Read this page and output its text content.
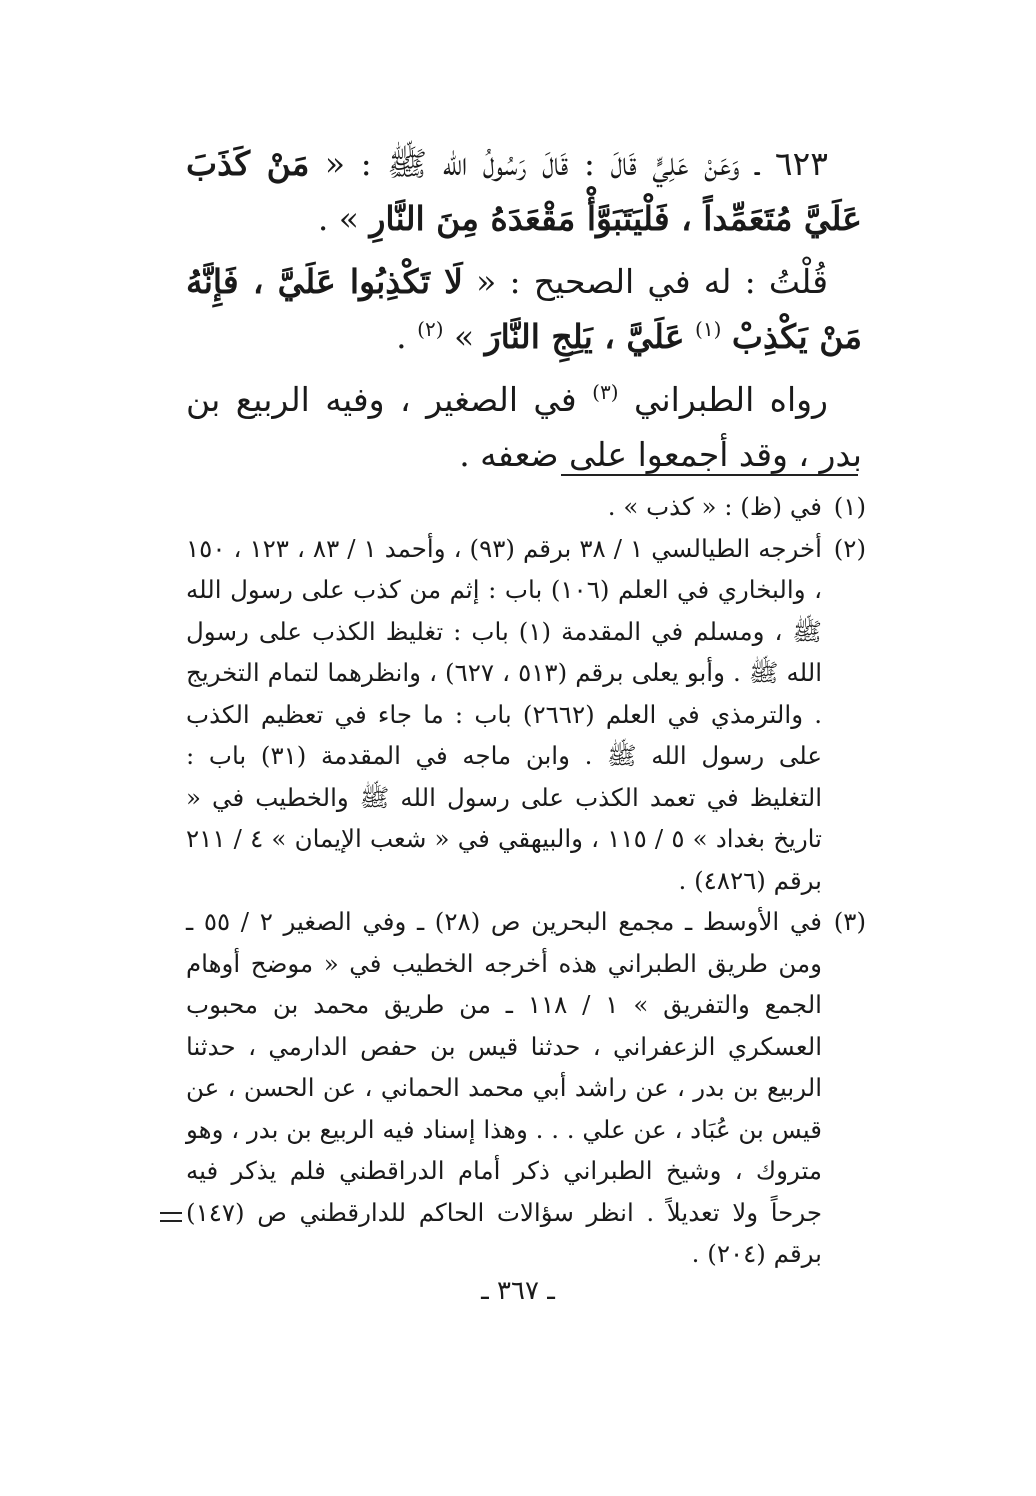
٦٢٣ ـ وَعَنْ عَلِيٍّ قَالَ : قَالَ رَسُولُ الله ﷺ : « مَنْ كَذَبَ عَلَيَّ مُتَعَمِّداً ، فَلْيَتَبَوَّأْ مَقْعَدَهُ مِنَ النَّارِ » .

قُلْتُ : له في الصحيح : « لَا تَكْذِبُوا عَلَيَّ ، فَإِنَّهُ مَنْ يَكْذِبْ $^{(١)}$ عَلَيَّ ، يَلِجِ النَّارَ » $^{(٢)}$ .

رواه الطبراني $^{(٣)}$ في الصغير ، وفيه الربيع بن بدر ، وقد أجمعوا على ضعفه .

(١)
في (ظ) : « كذب » .
(٢)
أخرجه الطيالسي ١ / ٣٨ برقم (٩٣) ، وأحمد ١ / ٨٣ ، ١٢٣ ، ١٥٠ ، والبخاري في العلم (١٠٦) باب : إثم من كذب على رسول الله ﷺ ، ومسلم في المقدمة (١) باب : تغليظ الكذب على رسول الله ﷺ . وأبو يعلى برقم (٥١٣ ، ٦٢٧) ، وانظرهما لتمام التخريج . والترمذي في العلم (٢٦٦٢) باب : ما جاء في تعظيم الكذب على رسول الله ﷺ . وابن ماجه في المقدمة (٣١) باب : التغليظ في تعمد الكذب على رسول الله ﷺ والخطيب في « تاريخ بغداد » ٥ / ١١٥ ، والبيهقي في « شعب الإيمان » ٤ / ٢١١ برقم (٤٨٢٦) .
(٣)
في الأوسط ـ مجمع البحرين ص (٢٨) ـ وفي الصغير ٢ / ٥٥ ـ ومن طريق الطبراني هذه أخرجه الخطيب في « موضح أوهام الجمع والتفريق » ١ / ١١٨ ـ من طريق محمد بن محبوب العسكري الزعفراني ، حدثنا قيس بن حفص الدارمي ، حدثنا الربيع بن بدر ، عن راشد أبي محمد الحماني ، عن الحسن ، عن قيس بن عُبَاد ، عن علي . . . وهذا إسناد فيه الربيع بن بدر ، وهو متروك ، وشيخ الطبراني ذكر أمام الدراقطني فلم يذكر فيه جرحاً ولا تعديلاً . انظر سؤالات الحاكم للدارقطني ص (١٤٧) برقم (٢٠٤) .
ـ ٣٦٧ ـ
